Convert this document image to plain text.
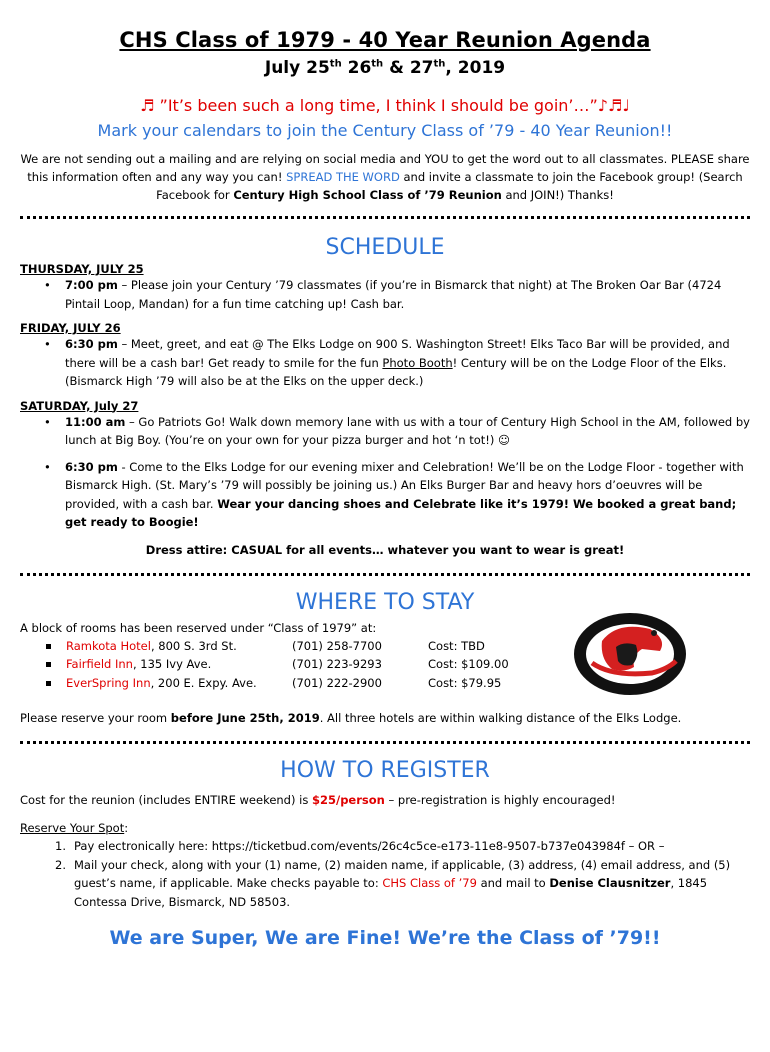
CHS Class of 1979 - 40 Year Reunion Agenda
July 25th 26th & 27th, 2019
♬ ”It’s been such a long time, I think I should be goin’…”♪♬♩
Mark your calendars to join the Century Class of ’79 - 40 Year Reunion!!
We are not sending out a mailing and are relying on social media and YOU to get the word out to all classmates. PLEASE share this information often and any way you can! SPREAD THE WORD and invite a classmate to join the Facebook group! (Search Facebook for Century High School Class of ’79 Reunion and JOIN!) Thanks!
SCHEDULE
THURSDAY, JULY 25
• 7:00 pm – Please join your Century ’79 classmates (if you’re in Bismarck that night) at The Broken Oar Bar (4724 Pintail Loop, Mandan) for a fun time catching up! Cash bar.
FRIDAY, JULY 26
• 6:30 pm – Meet, greet, and eat @ The Elks Lodge on 900 S. Washington Street! Elks Taco Bar will be provided, and there will be a cash bar! Get ready to smile for the fun Photo Booth! Century will be on the Lodge Floor of the Elks. (Bismarck High ’79 will also be at the Elks on the upper deck.)
SATURDAY, July 27
• 11:00 am – Go Patriots Go! Walk down memory lane with us with a tour of Century High School in the AM, followed by lunch at Big Boy. (You’re on your own for your pizza burger and hot ‘n tot!) ☺
• 6:30 pm - Come to the Elks Lodge for our evening mixer and Celebration! We’ll be on the Lodge Floor - together with Bismarck High. (St. Mary’s ’79 will possibly be joining us.) An Elks Burger Bar and heavy hors d’oeuvres will be provided, with a cash bar. Wear your dancing shoes and Celebrate like it’s 1979! We booked a great band; get ready to Boogie!
Dress attire: CASUAL for all events… whatever you want to wear is great!
WHERE TO STAY
A block of rooms has been reserved under “Class of 1979” at:
Ramkota Hotel, 800 S. 3rd St.	(701) 258-7700	Cost: TBD
Fairfield Inn, 135 Ivy Ave.	(701) 223-9293	Cost: $109.00
EverSpring Inn, 200 E. Expy. Ave.	(701) 222-2900	Cost: $79.95
Please reserve your room before June 25th, 2019. All three hotels are within walking distance of the Elks Lodge.
HOW TO REGISTER
Cost for the reunion (includes ENTIRE weekend) is $25/person – pre-registration is highly encouraged!
Reserve Your Spot:
1. Pay electronically here: https://ticketbud.com/events/26c4c5ce-e173-11e8-9507-b737e043984f – OR –
2. Mail your check, along with your (1) name, (2) maiden name, if applicable, (3) address, (4) email address, and (5) guest’s name, if applicable. Make checks payable to: CHS Class of ’79 and mail to Denise Clausnitzer, 1845 Contessa Drive, Bismarck, ND 58503.
We are Super, We are Fine! We’re the Class of ’79!!
